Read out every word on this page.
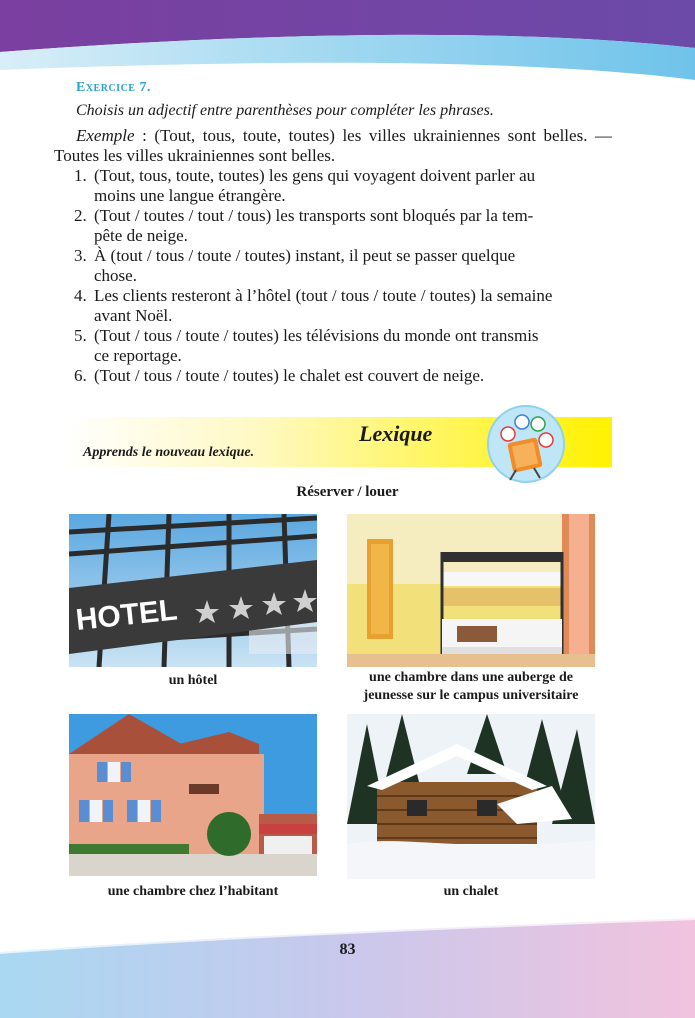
Exercice 7.
Choisis un adjectif entre parenthèses pour compléter les phrases.
Exemple : (Tout, tous, toute, toutes) les villes ukrainiennes sont belles. — Toutes les villes ukrainiennes sont belles.
1. (Tout, tous, toute, toutes) les gens qui voyagent doivent parler au
moins une langue étrangère.
2. (Tout / toutes / tout / tous) les transports sont bloqués par la tem-
pête de neige.
3. À (tout / tous / toute / toutes) instant, il peut se passer quelque
chose.
4. Les clients resteront à l’hôtel (tout / tous / toute / toutes) la semaine
avant Noël.
5. (Tout / tous / toute / toutes) les télévisions du monde ont transmis
ce reportage.
6. (Tout / tous / toute / toutes) le chalet est couvert de neige.
Lexique
Apprends le nouveau lexique.
Réserver / louer
HOTEL
un hôtel	une chambre dans une auberge de
jeunesse sur le campus universitaire
une chambre chez l’habitant	un chalet
83
